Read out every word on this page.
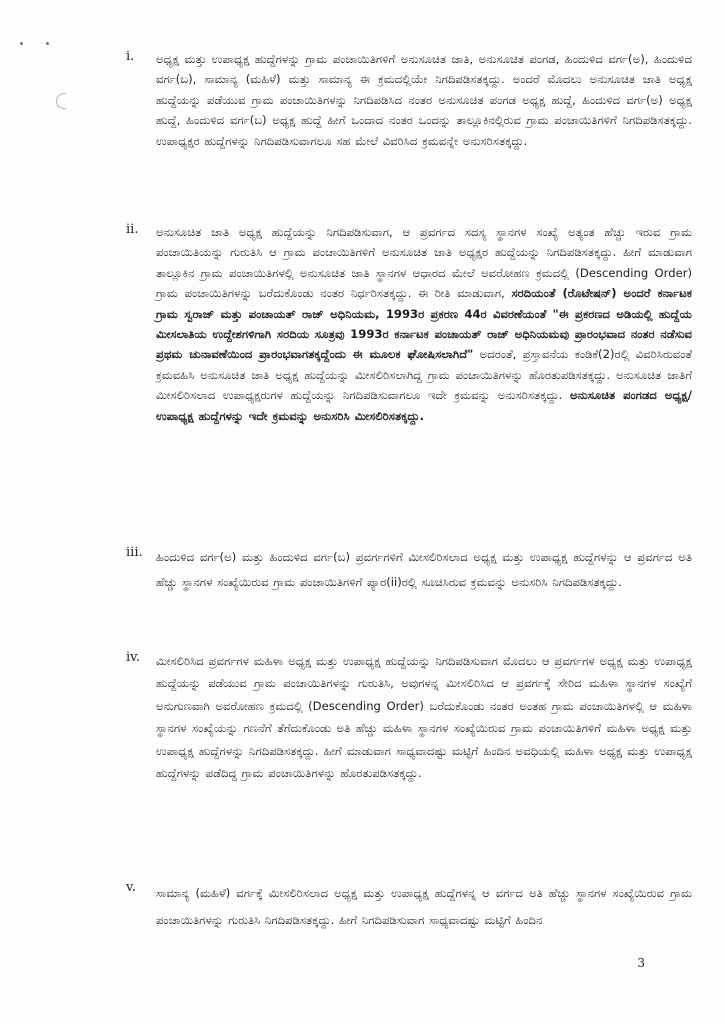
i. ಅಧ್ಯಕ್ಷ ಮತ್ತು ಉಪಾಧ್ಯಕ್ಷ ಹುದ್ದೆಗಳನ್ನು ಗ್ರಾಮ ಪಂಚಾಯಿತಿಗಳಿಗೆ ಅನುಸೂಚಿತ ಜಾತಿ, ಅನುಸೂಚಿತ ಪಂಗಡ, ಹಿಂದುಳಿದ ವರ್ಗ(ಅ), ಹಿಂದುಳಿದ ವರ್ಗ(ಬ), ಸಾಮಾನ್ಯ (ಮಹಿಳೆ) ಮತ್ತು ಸಾಮಾನ್ಯ ಈ ಕ್ರಮದಲ್ಲಿಯೇ ನಿಗದಿಪಡಿಸತಕ್ಕದ್ದು. ಅಂದರೆ ಮೊದಲು ಅನುಸೂಚಿತ ಜಾತಿ ಅಧ್ಯಕ್ಷ ಹುದ್ದೆಯನ್ನು ಪಡೆಯುವ ಗ್ರಾಮ ಪಂಚಾಯಿತಿಗಳನ್ನು ನಿಗದಿಪಡಿಸಿದ ನಂತರ ಅನುಸೂಚಿತ ಪಂಗಡ ಅಧ್ಯಕ್ಷ ಹುದ್ದೆ, ಹಿಂದುಳಿದ ವರ್ಗ(ಅ) ಅಧ್ಯಕ್ಷ ಹುದ್ದೆ, ಹಿಂದುಳಿದ ವರ್ಗ(ಬ) ಅಧ್ಯಕ್ಷ ಹುದ್ದೆ ಹೀಗೆ ಒಂದಾದ ನಂತರ ಒಂದನ್ನು ತಾಲ್ಲೂಕಿನಲ್ಲಿರುವ ಗ್ರಾಮ ಪಂಚಾಯಿತಿಗಳಿಗೆ ನಿಗದಿಪಡಿಸತಕ್ಕದ್ದು. ಉಪಾಧ್ಯಕ್ಷರ ಹುದ್ದೆಗಳನ್ನು ನಿಗದಿಪಡಿಸುವಾಗಲೂ ಸಹ ಮೇಲೆ ವಿವರಿಸಿದ ಕ್ರಮವನ್ನೇ ಅನುಸರಿಸತಕ್ಕದ್ದು.

ii. ಅನುಸೂಚಿತ ಜಾತಿ ಅಧ್ಯಕ್ಷ ಹುದ್ದೆಯನ್ನು ನಿಗದಿಪಡಿಸುವಾಗ, ಆ ಪ್ರವರ್ಗದ ಸದಸ್ಯ ಸ್ಥಾನಗಳ ಸಂಖ್ಯೆ ಅತ್ಯಂತ ಹೆಚ್ಚು ಇರುವ ಗ್ರಾಮ ಪಂಚಾಯಿತಿಯನ್ನು ಗುರುತಿಸಿ ಆ ಗ್ರಾಮ ಪಂಚಾಯಿತಿಗಳಿಗೆ ಅನುಸೂಚಿತ ಜಾತಿ ಅಧ್ಯಕ್ಷರ ಹುದ್ದೆಯನ್ನು ನಿಗದಿಪಡಿಸತಕ್ಕದ್ದು. ಹೀಗೆ ಮಾಡುವಾಗ ತಾಲ್ಲೂಕಿನ ಗ್ರಾಮ ಪಂಚಾಯಿತಿಗಳಲ್ಲಿ ಅನುಸೂಚಿತ ಜಾತಿ ಸ್ಥಾನಗಳ ಆಧಾರದ ಮೇಲೆ ಅವರೋಹಣ ಕ್ರಮದಲ್ಲಿ (Descending Order) ಗ್ರಾಮ ಪಂಚಾಯಿತಿಗಳನ್ನು ಬರೆದುಕೊಂಡು ನಂತರ ನಿರ್ಧರಿಸತಕ್ಕದ್ದು. ಈ ರೀತಿ ಮಾಡುವಾಗ, ಸರದಿಯಂತೆ (ರೊಟೇಷನ್) ಅಂದರೆ ಕರ್ನಾಟಕ ಗ್ರಾಮ ಸ್ವರಾಜ್ ಮತ್ತು ಪಂಚಾಯತ್ ರಾಜ್ ಅಧಿನಿಯಮ, 1993ರ ಪ್ರಕರಣ 44ರ ವಿವರಣೆಯಂತೆ "ಈ ಪ್ರಕರಣದ ಅಡಿಯಲ್ಲಿ ಹುದ್ದೆಯ ಮೀಸಲಾತಿಯ ಉದ್ದೇಶಗಳಿಗಾಗಿ ಸರದಿಯ ಸೂತ್ರವು 1993ರ ಕರ್ನಾಟಕ ಪಂಚಾಯತ್ ರಾಜ್ ಅಧಿನಿಯಮವು ಪ್ರಾರಂಭವಾದ ನಂತರ ನಡೆಸುವ ಪ್ರಥಮ ಚುನಾವಣೆಯಿಂದ ಪ್ರಾರಂಭವಾಗತಕ್ಕದ್ದೆಂದು ಈ ಮೂಲಕ ಘೋಷಿಸಲಾಗಿದೆ" ಅದರಂತೆ, ಪ್ರಸ್ತಾವನೆಯ ಕಂಡಿಕೆ(2)ರಲ್ಲಿ ವಿವರಿಸಿರುವಂತೆ ಕ್ರಮವಹಿಸಿ ಅನುಸೂಚಿತ ಜಾತಿ ಅಧ್ಯಕ್ಷ ಹುದ್ದೆಯನ್ನು ಮೀಸಲಿರಿಸಲಾಗಿದ್ದ ಗ್ರಾಮ ಪಂಚಾಯಿತಿಗಳನ್ನು ಹೊರತುಪಡಿಸತಕ್ಕದ್ದು. ಅನುಸೂಚಿತ ಜಾತಿಗೆ ಮೀಸಲಿರಿಸಲಾದ ಉಪಾಧ್ಯಕ್ಷರುಗಳ ಹುದ್ದೆಯನ್ನು ನಿಗದಿಪಡಿಸುವಾಗಲೂ ಇದೇ ಕ್ರಮವನ್ನು ಅನುಸರಿಸತಕ್ಕದ್ದು. ಅನುಸೂಚಿತ ಪಂಗಡದ ಅಧ್ಯಕ್ಷ/ ಉಪಾಧ್ಯಕ್ಷ ಹುದ್ದೆಗಳನ್ನು ಇದೇ ಕ್ರಮವನ್ನು ಅನುಸರಿಸಿ ಮೀಸಲಿರಿಸತಕ್ಕದ್ದು.

iii. ಹಿಂದುಳಿದ ವರ್ಗ(ಅ) ಮತ್ತು ಹಿಂದುಳಿದ ವರ್ಗ(ಬ) ಪ್ರವರ್ಗಗಳಿಗೆ ಮೀಸಲಿರಿಸಲಾದ ಅಧ್ಯಕ್ಷ ಮತ್ತು ಉಪಾಧ್ಯಕ್ಷ ಹುದ್ದೆಗಳನ್ನು ಆ ಪ್ರವರ್ಗದ ಅತಿ ಹೆಚ್ಚು ಸ್ಥಾನಗಳ ಸಂಖ್ಯೆಯಿರುವ ಗ್ರಾಮ ಪಂಚಾಯಿತಿಗಳಿಗೆ ಪ್ಯಾರ(ii)ರಲ್ಲಿ ಸೂಚಿಸಿರುವ ಕ್ರಮವನ್ನು ಅನುಸರಿಸಿ ನಿಗದಿಪಡಿಸತಕ್ಕದ್ದು.

iv. ಮೀಸಲಿರಿಸಿದ ಪ್ರವರ್ಗಗಳ ಮಹಿಳಾ ಅಧ್ಯಕ್ಷ ಮತ್ತು ಉಪಾಧ್ಯಕ್ಷ ಹುದ್ದೆಯನ್ನು ನಿಗದಿಪಡಿಸುವಾಗ ಮೊದಲು ಆ ಪ್ರವರ್ಗಗಳ ಅಧ್ಯಕ್ಷ ಮತ್ತು ಉಪಾಧ್ಯಕ್ಷ ಹುದ್ದೆಯನ್ನು ಪಡೆಯುವ ಗ್ರಾಮ ಪಂಚಾಯಿತಿಗಳನ್ನು ಗುರುತಿಸಿ, ಅವುಗಳನ್ನ ಮೀಸಲಿರಿಸಿದ ಆ ಪ್ರವರ್ಗಕ್ಕೆ ಸೇರಿದ ಮಹಿಳಾ ಸ್ಥಾನಗಳ ಸಂಖ್ಯೆಗೆ ಅನುಗುಣವಾಗಿ ಅವರೋಹಣ ಕ್ರಮದಲ್ಲಿ (Descending Order) ಬರೆದುಕೊಂಡು ನಂತರ ಅಂತಹ ಗ್ರಾಮ ಪಂಚಾಯಿತಿಗಳಲ್ಲಿ ಆ ಮಹಿಳಾ ಸ್ಥಾನಗಳ ಸಂಖ್ಯೆಯನ್ನು ಗಣನೆಗೆ ತೆಗೆದುಕೊಂಡು ಅತಿ ಹೆಚ್ಚು ಮಹಿಳಾ ಸ್ಥಾನಗಳ ಸಂಖ್ಯೆಯಿರುವ ಗ್ರಾಮ ಪಂಚಾಯಿತಿಗಳಿಗೆ ಮಹಿಳಾ ಅಧ್ಯಕ್ಷ ಮತ್ತು ಉಪಾಧ್ಯಕ್ಷ ಹುದ್ದೆಗಳನ್ನು ನಿಗದಿಪಡಿಸತಕ್ಕದ್ದು. ಹೀಗೆ ಮಾಡುವಾಗ ಸಾಧ್ಯವಾದಷ್ಟು ಮಟ್ಟಿಗೆ ಹಿಂದಿನ ಅವಧಿಯಲ್ಲಿ ಮಹಿಳಾ ಅಧ್ಯಕ್ಷ ಮತ್ತು ಉಪಾಧ್ಯಕ್ಷ ಹುದ್ದೆಗಳನ್ನು ಪಡೆದಿದ್ದ ಗ್ರಾಮ ಪಂಚಾಯಿತಿಗಳನ್ನು ಹೊರತುಪಡಿಸತಕ್ಕದ್ದು.

v. ಸಾಮಾನ್ಯ (ಮಹಿಳೆ) ವರ್ಗಕ್ಕೆ ಮೀಸಲಿರಿಸಲಾದ ಅಧ್ಯಕ್ಷ ಮತ್ತು ಉಪಾಧ್ಯಕ್ಷ ಹುದ್ದೆಗಳನ್ನ ಆ ವರ್ಗದ ಅತಿ ಹೆಚ್ಚು ಸ್ಥಾನಗಳ ಸಂಖ್ಯೆಯಿರುವ ಗ್ರಾಮ ಪಂಚಾಯಿತಿಗಳನ್ನು ಗುರುತಿಸಿ ನಿಗದಿಪಡಿಸತಕ್ಕದ್ದು. ಹೀಗೆ ನಿಗದಿಪಡಿಸುವಾಗ ಸಾಧ್ಯವಾದಷ್ಟು ಮಟ್ಟಿಗೆ ಹಿಂದಿನ

3
